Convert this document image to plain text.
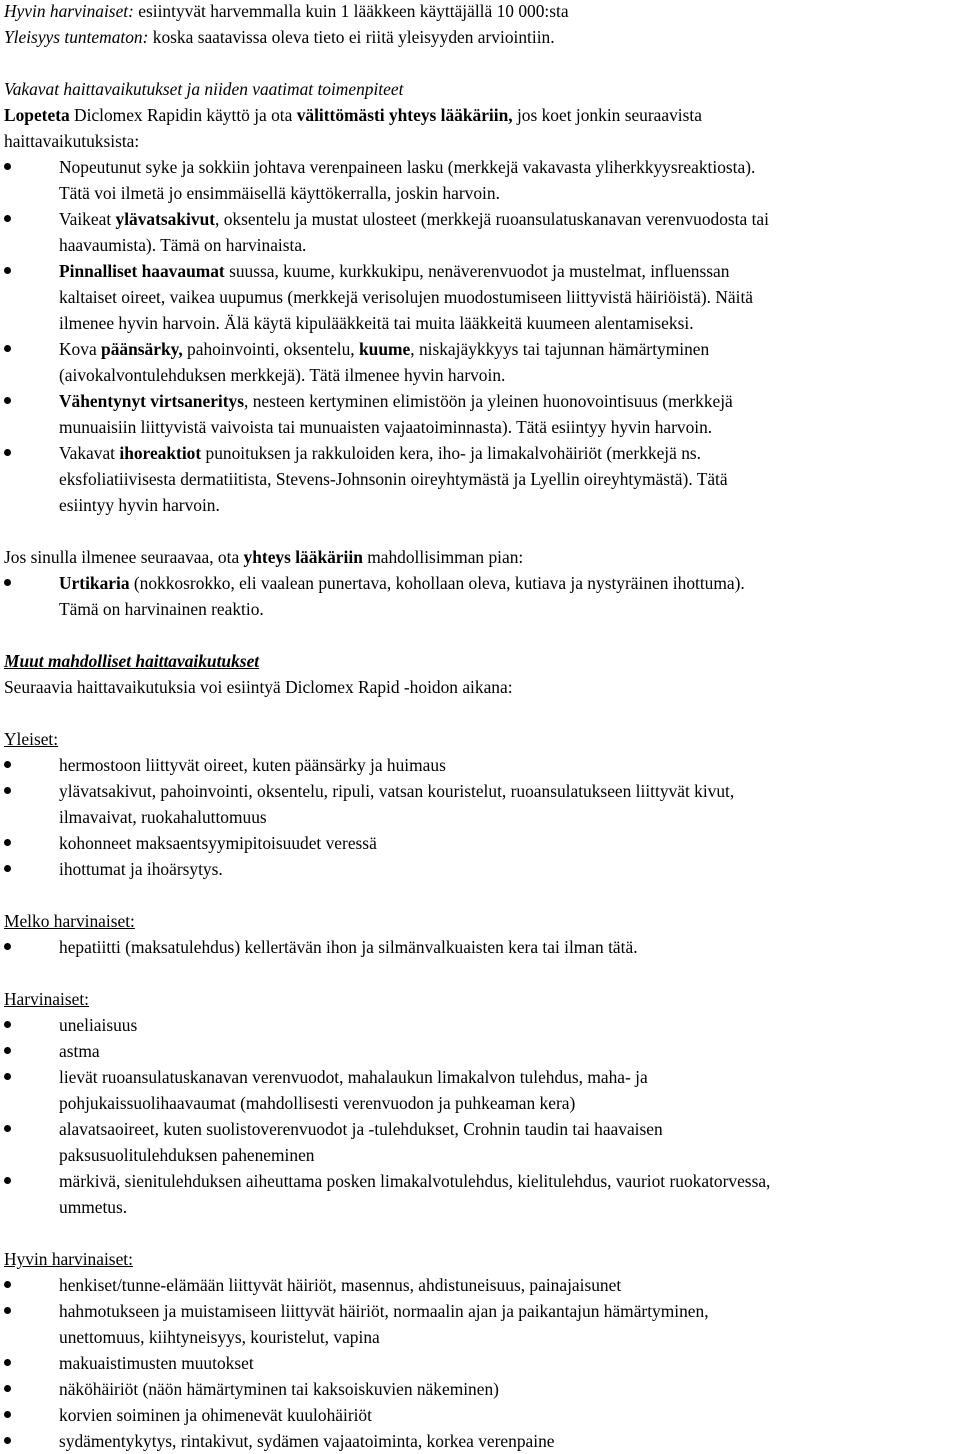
Hyvin harvinaiset: esiintyvät harvemmalla kuin 1 lääkkeen käyttäjällä 10 000:sta
Yleisyys tuntematon: koska saatavissa oleva tieto ei riitä yleisyyden arviointiin.
Vakavat haittavaikutukset ja niiden vaatimat toimenpiteet
Lopeteta Diclomex Rapidin käyttö ja ota välittömästi yhteys lääkäriin, jos koet jonkin seuraavista
haittavaikutuksista:
Nopeutunut syke ja sokkiin johtava verenpaineen lasku (merkkejä vakavasta yliherkkyysreaktiosta).
Tätä voi ilmetä jo ensimmäisellä käyttökerralla, joskin harvoin.
Vaikeat ylävatsakivut, oksentelu ja mustat ulosteet (merkkejä ruoansulatuskanavan verenvuodosta tai
haavaumista). Tämä on harvinaista.
Pinnalliset haavaumat suussa, kuume, kurkkukipu, nenäverenvuodot ja mustelmat, influenssan
kaltaiset oireet, vaikea uupumus (merkkejä verisolujen muodostumiseen liittyvistä häiriöistä). Näitä
ilmenee hyvin harvoin. Älä käytä kipulääkkeitä tai muita lääkkeitä kuumeen alentamiseksi.
Kova päänsärky, pahoinvointi, oksentelu, kuume, niskajäykkyys tai tajunnan hämärtyminen
(aivokalvontulehduksen merkkejä). Tätä ilmenee hyvin harvoin.
Vähentynyt virtsaneritys, nesteen kertyminen elimistöön ja yleinen huonovointisuus (merkkejä
munuaisiin liittyvistä vaivoista tai munuaisten vajaatoiminnasta). Tätä esiintyy hyvin harvoin.
Vakavat ihoreaktiot punoituksen ja rakkuloiden kera, iho- ja limakalvohäiriöt (merkkejä ns.
eksfoliatiivisesta dermatiitista, Stevens-Johnsonin oireyhtymästä ja Lyellin oireyhtymästä). Tätä
esiintyy hyvin harvoin.
Jos sinulla ilmenee seuraavaa, ota yhteys lääkäriin mahdollisimman pian:
Urtikaria (nokkosrokko, eli vaalean punertava, kohollaan oleva, kutiava ja nystyräinen ihottuma).
Tämä on harvinainen reaktio.
Muut mahdolliset haittavaikutukset
Seuraavia haittavaikutuksia voi esiintyä Diclomex Rapid -hoidon aikana:
Yleiset:
hermostoon liittyvät oireet, kuten päänsärky ja huimaus
ylävatsakivut, pahoinvointi, oksentelu, ripuli, vatsan kouristelut, ruoansulatukseen liittyvät kivut,
ilmavaivat, ruokahaluttomuus
kohonneet maksaentsyymipitoisuudet veressä
ihottumat ja ihoärsytys.
Melko harvinaiset:
hepatiitti (maksatulehdus) kellertävän ihon ja silmänvalkuaisten kera tai ilman tätä.
Harvinaiset:
uneliaisuus
astma
lievät ruoansulatuskanavan verenvuodot, mahalaukun limakalvon tulehdus, maha- ja
pohjukaissuolihaavaumat (mahdollisesti verenvuodon ja puhkeaman kera)
alavatsaoireet, kuten suolistoverenvuodot ja -tulehdukset, Crohnin taudin tai haavaisen
paksusuolitulehduksen paheneminen
märkivä, sienitulehduksen aiheuttama posken limakalvotulehdus, kielitulehdus, vauriot ruokatorvessa,
ummetus.
Hyvin harvinaiset:
henkiset/tunne-elämään liittyvät häiriöt, masennus, ahdistuneisuus, painajaisunet
hahmotukseen ja muistamiseen liittyvät häiriöt, normaalin ajan ja paikantajun hämärtyminen,
unettomuus, kiihtyneisyys, kouristelut, vapina
makuaistimusten muutokset
näköhäiriöt (näön hämärtyminen tai kaksoiskuvien näkeminen)
korvien soiminen ja ohimenevät kuulohäiriöt
sydämentykytys, rintakivut, sydämen vajaatoiminta, korkea verenpaine
